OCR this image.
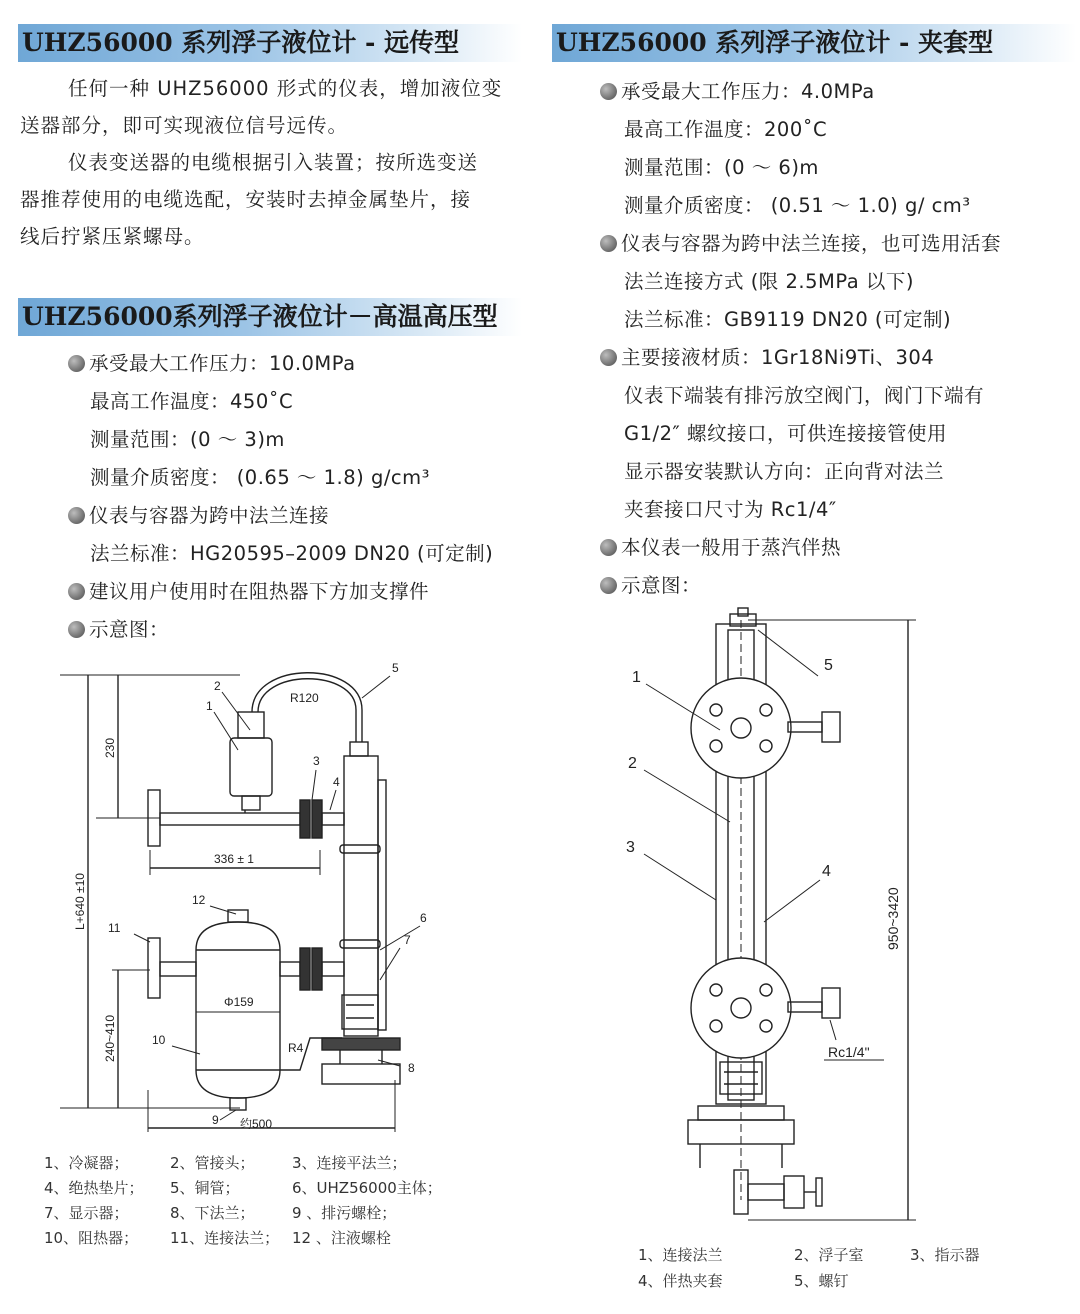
UHZ56000 系列浮子液位计 - 远传型
任何一种 UHZ56000 形式的仪表，增加液位变
送器部分，即可实现液位信号远传。
仪表变送器的电缆根据引入装置；按所选变送
器推荐使用的电缆选配，安装时去掉金属垫片，接
线后拧紧压紧螺母。
UHZ56000系列浮子液位计－高温高压型
承受最大工作压力：10.0MPa
最高工作温度：450˚C
测量范围：(0 ～ 3)m
测量介质密度： (0.65 ～ 1.8) g/cm³
仪表与容器为跨中法兰连接
法兰标准：HG20595–2009 DN20 (可定制)
建议用户使用时在阻热器下方加支撑件
示意图：
1
2
3
4
5
6
7
8
9
10
11
12
R120
336 ± 1
Φ159
R4
约500
230
L+640 ±10
240~410
1、冷凝器；	2、管接头； 3、连接平法兰；
4、绝热垫片； 5、铜管；	6、UHZ56000主体；
7、显示器；	8、下法兰； 9 、排污螺栓；
10、阻热器； 11、连接法兰； 12 、注液螺栓
UHZ56000 系列浮子液位计 - 夹套型
承受最大工作压力：4.0MPa
最高工作温度：200˚C
测量范围：(0 ～ 6)m
测量介质密度： (0.51 ～ 1.0) g/ cm³
仪表与容器为跨中法兰连接，也可选用活套
法兰连接方式 (限 2.5MPa 以下)
法兰标准：GB9119 DN20 (可定制)
主要接液材质：1Gr18Ni9Ti、304
仪表下端装有排污放空阀门，阀门下端有
G1/2″ 螺纹接口，可供连接接管使用
显示器安装默认方向：正向背对法兰
夹套接口尺寸为 Rc1/4″
本仪表一般用于蒸汽伴热
示意图：
1
2
3
4
5
Rc1/4"
950~3420
1、连接法兰	2、浮子室	3、指示器
4、伴热夹套	5、螺钉
